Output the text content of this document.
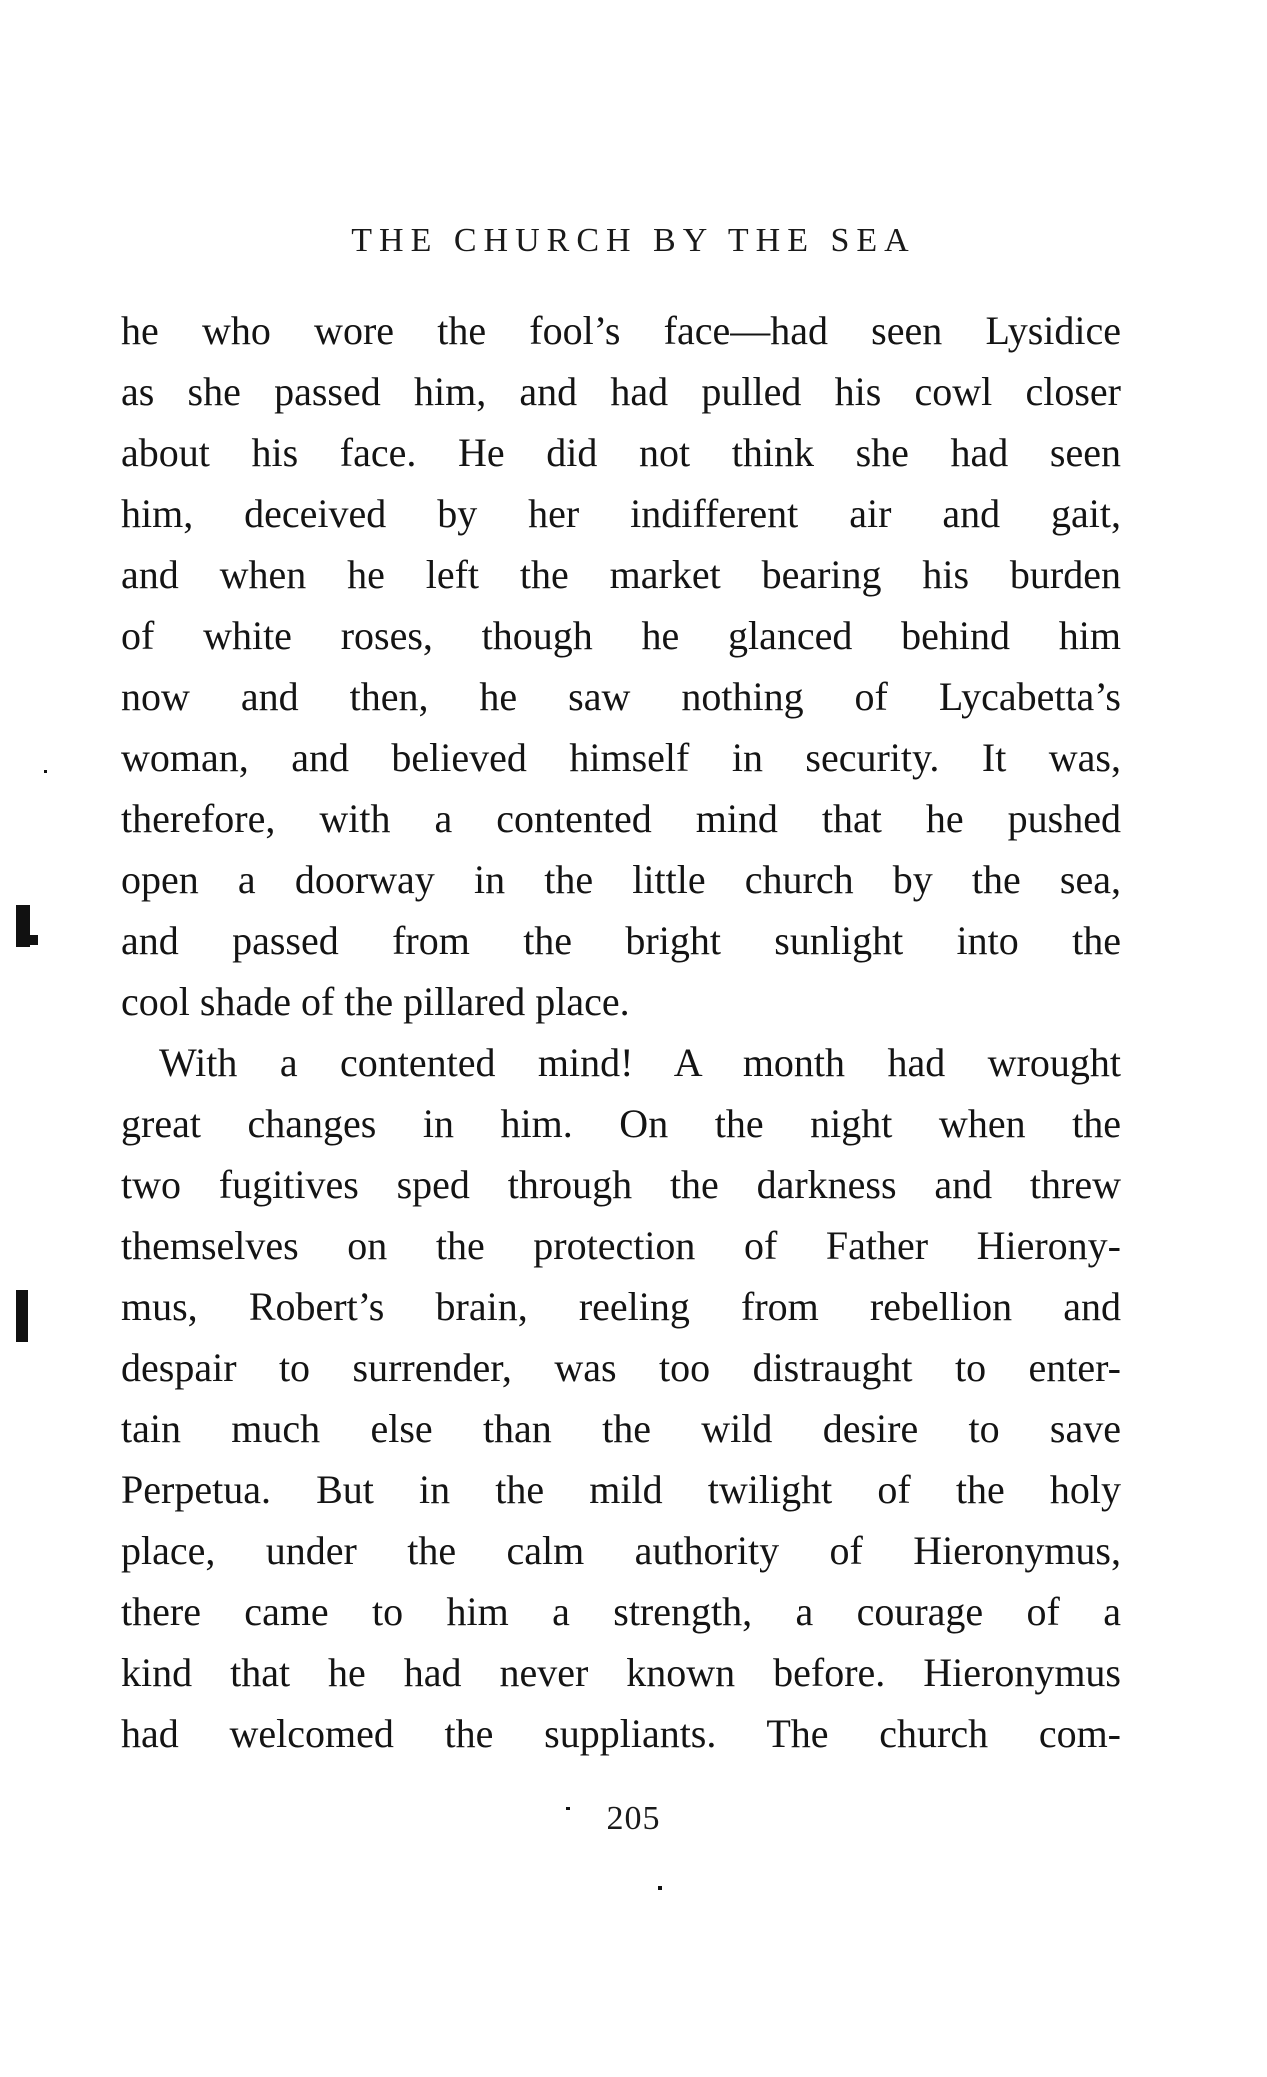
THE CHURCH BY THE SEA
he who wore the fool’s face—had seen Lysidice
as she passed him, and had pulled his cowl closer
about his face. He did not think she had seen
him, deceived by her indifferent air and gait,
and when he left the market bearing his burden
of white roses, though he glanced behind him
now and then, he saw nothing of Lycabetta’s
woman, and believed himself in security. It was,
therefore, with a contented mind that he pushed
open a doorway in the little church by the sea,
and passed from the bright sunlight into the
cool shade of the pillared place.
With a contented mind! A month had wrought
great changes in him. On the night when the
two fugitives sped through the darkness and threw
themselves on the protection of Father Hierony-
mus, Robert’s brain, reeling from rebellion and
despair to surrender, was too distraught to enter-
tain much else than the wild desire to save
Perpetua. But in the mild twilight of the holy
place, under the calm authority of Hieronymus,
there came to him a strength, a courage of a
kind that he had never known before. Hieronymus
had welcomed the suppliants. The church com-
205
